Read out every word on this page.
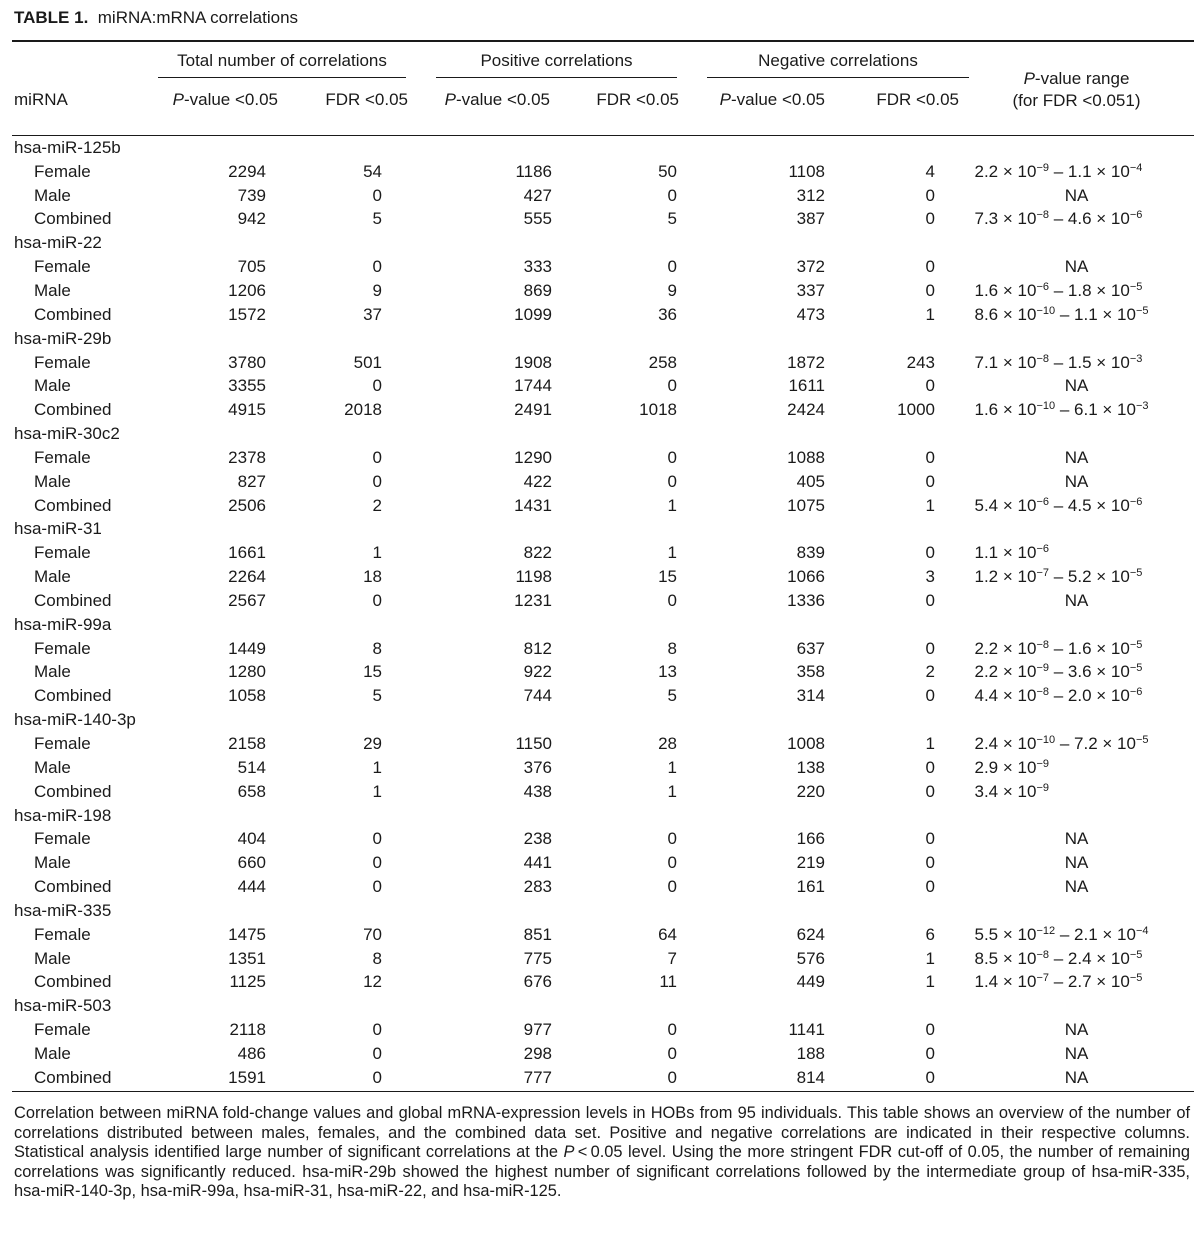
TABLE 1. miRNA:mRNA correlations

	Total number of correlations		Positive correlations		Negative correlations		P-value range
(for FDR <0.051)

miRNA	P-value <0.05	FDR <0.05	P-value <0.05	FDR <0.05	P-value <0.05	FDR <0.05	
hsa-miR-125b							
Female	2294	54	1186	50	1108	4	$2.2 \times 10^{-9} - 1.1 \times 10^{-4}$
Male	739	0	427	0	312	0	NA
Combined	942	5	555	5	387	0	$7.3 \times 10^{-8} - 4.6 \times 10^{-6}$
hsa-miR-22							
Female	705	0	333	0	372	0	NA
Male	1206	9	869	9	337	0	$1.6 \times 10^{-6} - 1.8 \times 10^{-5}$
Combined	1572	37	1099	36	473	1	$8.6 \times 10^{-10} - 1.1 \times 10^{-5}$
hsa-miR-29b							
Female	3780	501	1908	258	1872	243	$7.1 \times 10^{-8} - 1.5 \times 10^{-3}$
Male	3355	0	1744	0	1611	0	NA
Combined	4915	2018	2491	1018	2424	1000	$1.6 \times 10^{-10} - 6.1 \times 10^{-3}$
hsa-miR-30c2							
Female	2378	0	1290	0	1088	0	NA
Male	827	0	422	0	405	0	NA
Combined	2506	2	1431	1	1075	1	$5.4 \times 10^{-6} - 4.5 \times 10^{-6}$
hsa-miR-31							
Female	1661	1	822	1	839	0	$1.1 \times 10^{-6}$
Male	2264	18	1198	15	1066	3	$1.2 \times 10^{-7} - 5.2 \times 10^{-5}$
Combined	2567	0	1231	0	1336	0	NA
hsa-miR-99a							
Female	1449	8	812	8	637	0	$2.2 \times 10^{-8} - 1.6 \times 10^{-5}$
Male	1280	15	922	13	358	2	$2.2 \times 10^{-9} - 3.6 \times 10^{-5}$
Combined	1058	5	744	5	314	0	$4.4 \times 10^{-8} - 2.0 \times 10^{-6}$
hsa-miR-140-3p							
Female	2158	29	1150	28	1008	1	$2.4 \times 10^{-10} - 7.2 \times 10^{-5}$
Male	514	1	376	1	138	0	$2.9 \times 10^{-9}$
Combined	658	1	438	1	220	0	$3.4 \times 10^{-9}$
hsa-miR-198							
Female	404	0	238	0	166	0	NA
Male	660	0	441	0	219	0	NA
Combined	444	0	283	0	161	0	NA
hsa-miR-335							
Female	1475	70	851	64	624	6	$5.5 \times 10^{-12} - 2.1 \times 10^{-4}$
Male	1351	8	775	7	576	1	$8.5 \times 10^{-8} - 2.4 \times 10^{-5}$
Combined	1125	12	676	11	449	1	$1.4 \times 10^{-7} - 2.7 \times 10^{-5}$
hsa-miR-503							
Female	2118	0	977	0	1141	0	NA
Male	486	0	298	0	188	0	NA
Combined	1591	0	777	0	814	0	NA
Correlation between miRNA fold-change values and global mRNA-expression levels in HOBs from 95 individuals. This table shows an overview of the number of correlations distributed between males, females, and the combined data set. Positive and negative correlations are indicated in their respective columns. Statistical analysis identified large number of significant correlations at the P < 0.05 level. Using the more stringent FDR cut-off of 0.05, the number of remaining correlations was significantly reduced. hsa-miR-29b showed the highest number of significant correlations followed by the intermediate group of hsa-miR-335, hsa-miR-140-3p, hsa-miR-99a, hsa-miR-31, hsa-miR-22, and hsa-miR-125.
